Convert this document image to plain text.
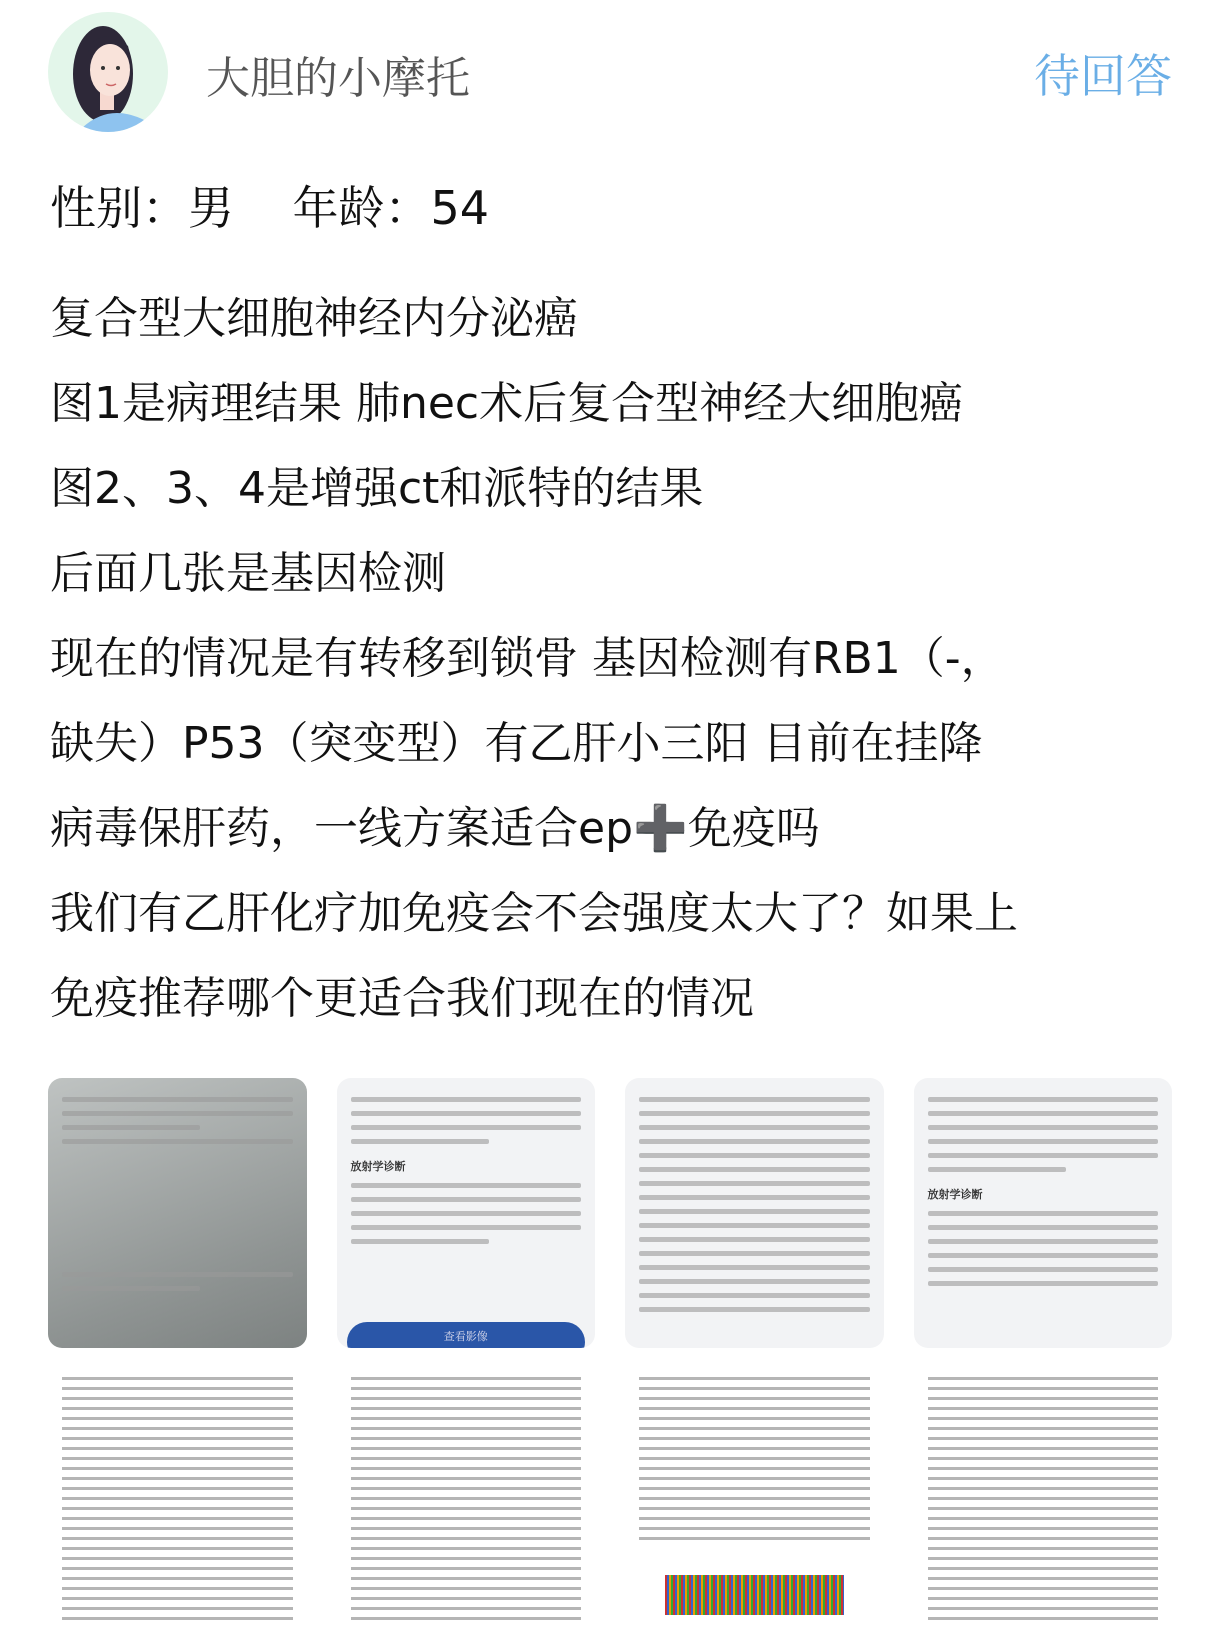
大胆的小摩托	待回答
性别：男    年龄：54
复合型大细胞神经内分泌癌
图1是病理结果 肺nec术后复合型神经大细胞癌
图2、3、4是增强ct和派特的结果
后面几张是基因检测
现在的情况是有转移到锁骨 基因检测有RB1（-，
缺失）P53（突变型）有乙肝小三阳 目前在挂降
病毒保肝药，一线方案适合ep➕免疫吗
我们有乙肝化疗加免疫会不会强度太大了？如果上
免疫推荐哪个更适合我们现在的情况
放射学诊断
查看影像
放射学诊断
